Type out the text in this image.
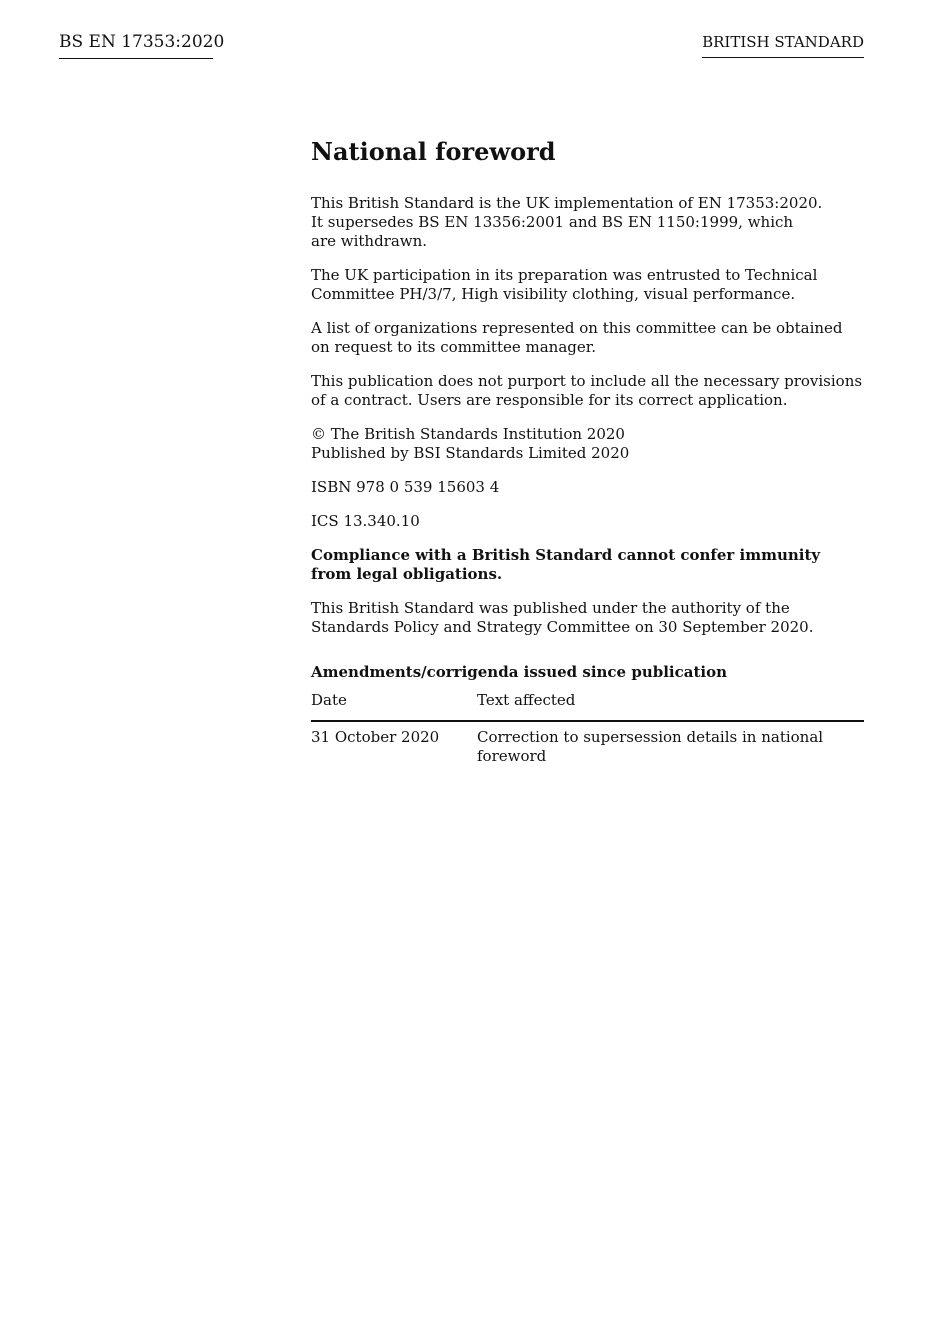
BS EN 17353:2020	BRITISH STANDARD
National foreword

This British Standard is the UK implementation of EN 17353:2020.
It supersedes BS EN 13356:2001 and BS EN 1150:1999, which
are withdrawn.

The UK participation in its preparation was entrusted to Technical Committee PH/3/7, High visibility clothing, visual performance.

A list of organizations represented on this committee can be obtained on request to its committee manager.

This publication does not purport to include all the necessary provisions of a contract. Users are responsible for its correct application.

© The British Standards Institution 2020
Published by BSI Standards Limited 2020

ISBN 978 0 539 15603 4

ICS 13.340.10

Compliance with a British Standard cannot confer immunity from legal obligations.

This British Standard was published under the authority of the Standards Policy and Strategy Committee on 30 September 2020.

Amendments/corrigenda issued since publication
Date	Text affected
31 October 2020	Correction to supersession details in national foreword
